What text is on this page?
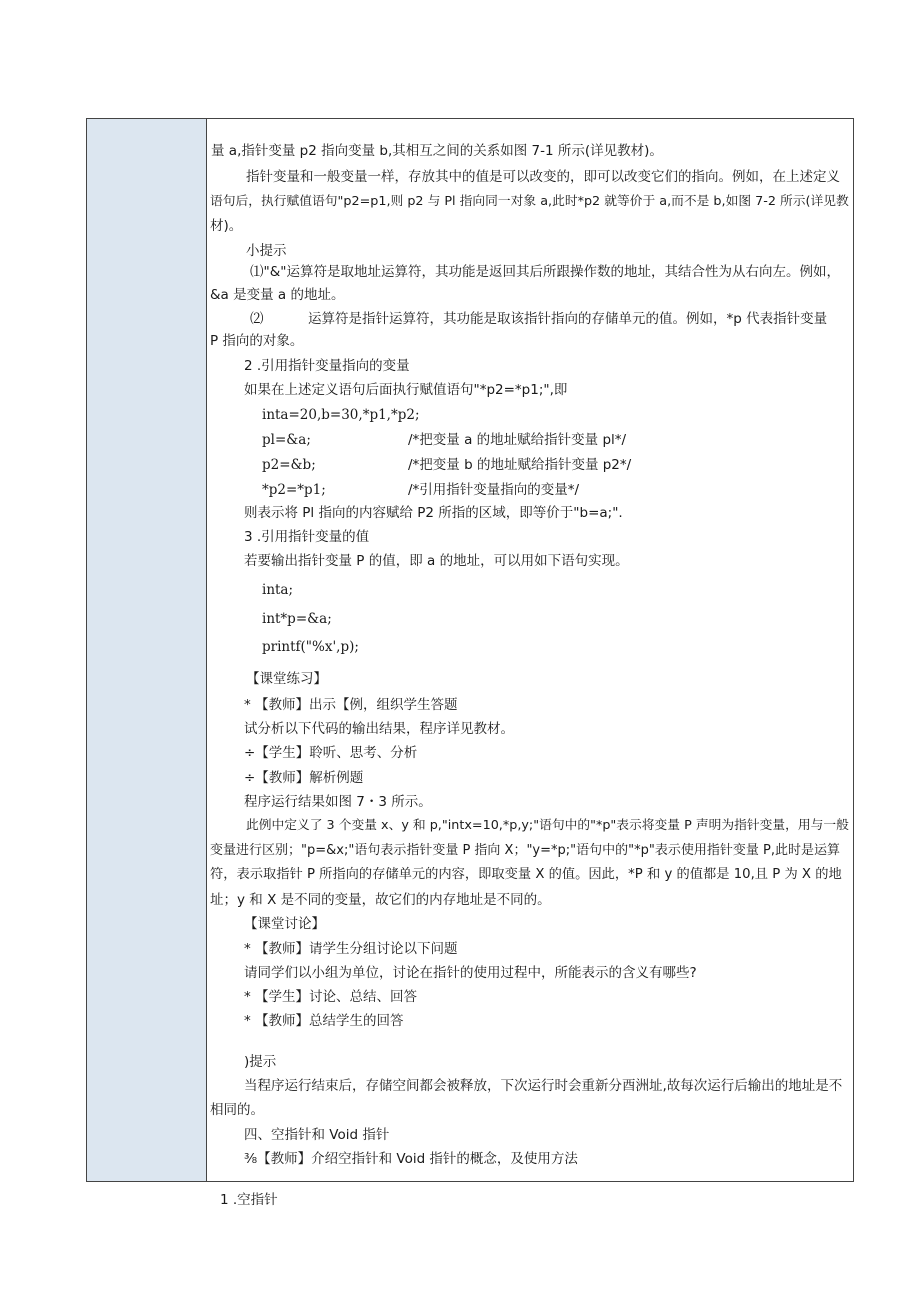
量 a,指针变量 p2 指向变量 b,其相互之间的关系如图 7-1 所示(详见教材)。
指针变量和一般变量一样，存放其中的值是可以改变的，即可以改变它们的指向。例如，在上述定义
语句后，执行赋值语句"p2=p1,则 p2 与 Pl 指向同一对象 a,此时*p2 就等价于 a,而不是 b,如图 7-2 所示(详见教
材)。
小提示
⑴"&"运算符是取地址运算符，其功能是返回其后所跟操作数的地址，其结合性为从右向左。例如，
&a 是变量 a 的地址。
⑵	运算符是指针运算符，其功能是取该指针指向的存储单元的值。例如，*p 代表指针变量
P 指向的对象。
2 .引用指针变量指向的变量
如果在上述定义语句后面执行赋值语句"*p2=*p1;",即
inta=20,b=30,*p1,*p2;
pl=&a;	/*把变量 a 的地址赋给指针变量 pl*/
p2=&b;	/*把变量 b 的地址赋给指针变量 p2*/
*p2=*p1;	/*引用指针变量指向的变量*/
则表示将 Pl 指向的内容赋给 P2 所指的区域，即等价于"b=a;".
3 .引用指针变量的值
若要输出指针变量 P 的值，即 a 的地址，可以用如下语句实现。
inta;
int*p=&a;
printf("%x',p);
【课堂练习】
* 【教师】出示【例，组织学生答题
试分析以下代码的输出结果，程序详见教材。
÷【学生】聆听、思考、分析
÷【教师】解析例题
程序运行结果如图 7・3 所示。
此例中定义了 3 个变量 x、y 和 p,"intx=10,*p,y;"语句中的"*p"表示将变量 P 声明为指针变量，用与一般
变量进行区别；"p=&x;"语句表示指针变量 P 指向 X；"y=*p;"语句中的"*p"表示使用指针变量 P,此时是运算
符，表示取指针 P 所指向的存储单元的内容，即取变量 X 的值。因此，*P 和 y 的值都是 10,且 P 为 X 的地
址；y 和 X 是不同的变量，故它们的内存地址是不同的。
【课堂讨论】
* 【教师】请学生分组讨论以下问题
请同学们以小组为单位，讨论在指针的使用过程中，所能表示的含义有哪些?
* 【学生】讨论、总结、回答
* 【教师】总结学生的回答
)提示
当程序运行结束后，存储空间都会被释放，下次运行时会重新分酉洲址,故每次运行后输出的地址是不
相同的。
四、空指针和 Void 指针
⅜【教师】介绍空指针和 Void 指针的概念，及使用方法
1 .空指针
